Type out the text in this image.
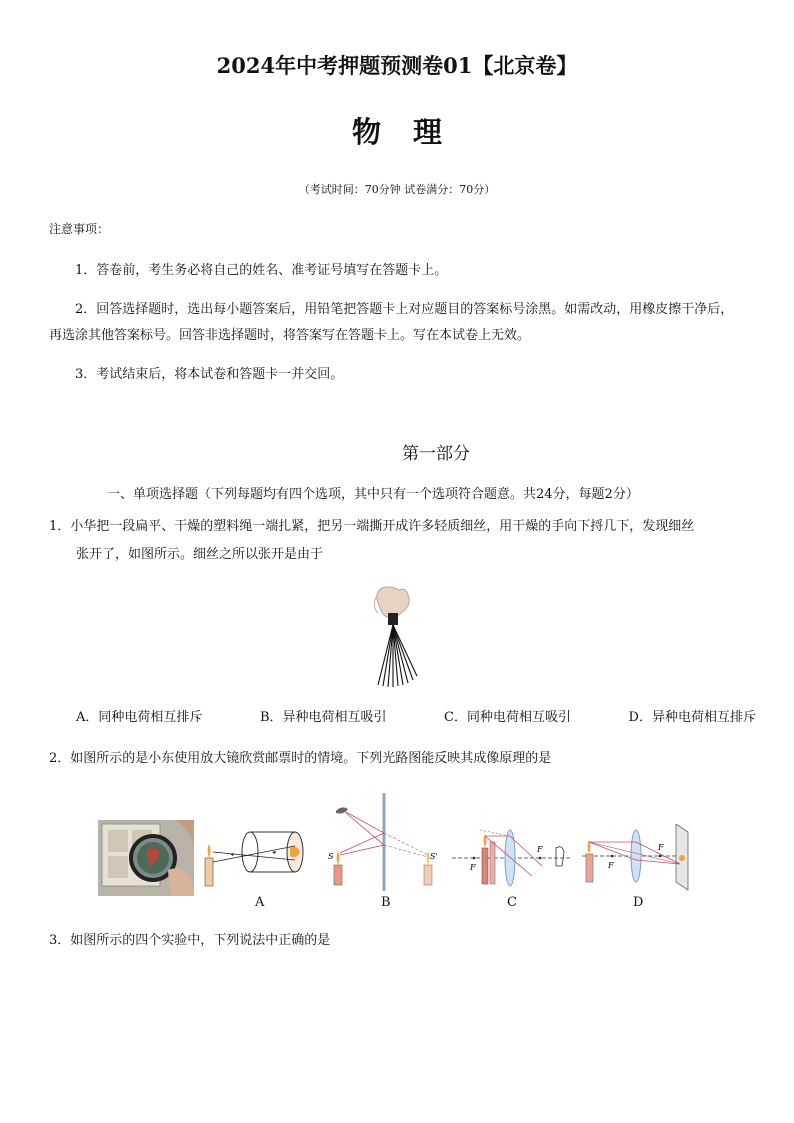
2024年中考押题预测卷01【北京卷】
物理
（考试时间：70分钟 试卷满分：70分）
注意事项：
1．答卷前，考生务必将自己的姓名、准考证号填写在答题卡上。
2．回答选择题时，选出每小题答案后，用铅笔把答题卡上对应题目的答案标号涂黑。如需改动，用橡皮擦干净后，再选涂其他答案标号。回答非选择题时，将答案写在答题卡上。写在本试卷上无效。
3．考试结束后，将本试卷和答题卡一并交回。
第一部分
一、单项选择题（下列每题均有四个选项，其中只有一个选项符合题意。共24分，每题2分）
1．小华把一段扁平、干燥的塑料绳一端扎紧，把另一端撕开成许多轻质细丝，用干燥的手向下捋几下，发现细丝
张开了，如图所示。细丝之所以张开是由于
A．同种电荷相互排斥	B．异种电荷相互吸引	C．同种电荷相互吸引	D．异种电荷相互排斥
2．如图所示的是小东使用放大镜欣赏邮票时的情境。下列光路图能反映其成像原理的是
S	S'
F
F
F
F
A	B	C	D
3．如图所示的四个实验中，下列说法中正确的是
